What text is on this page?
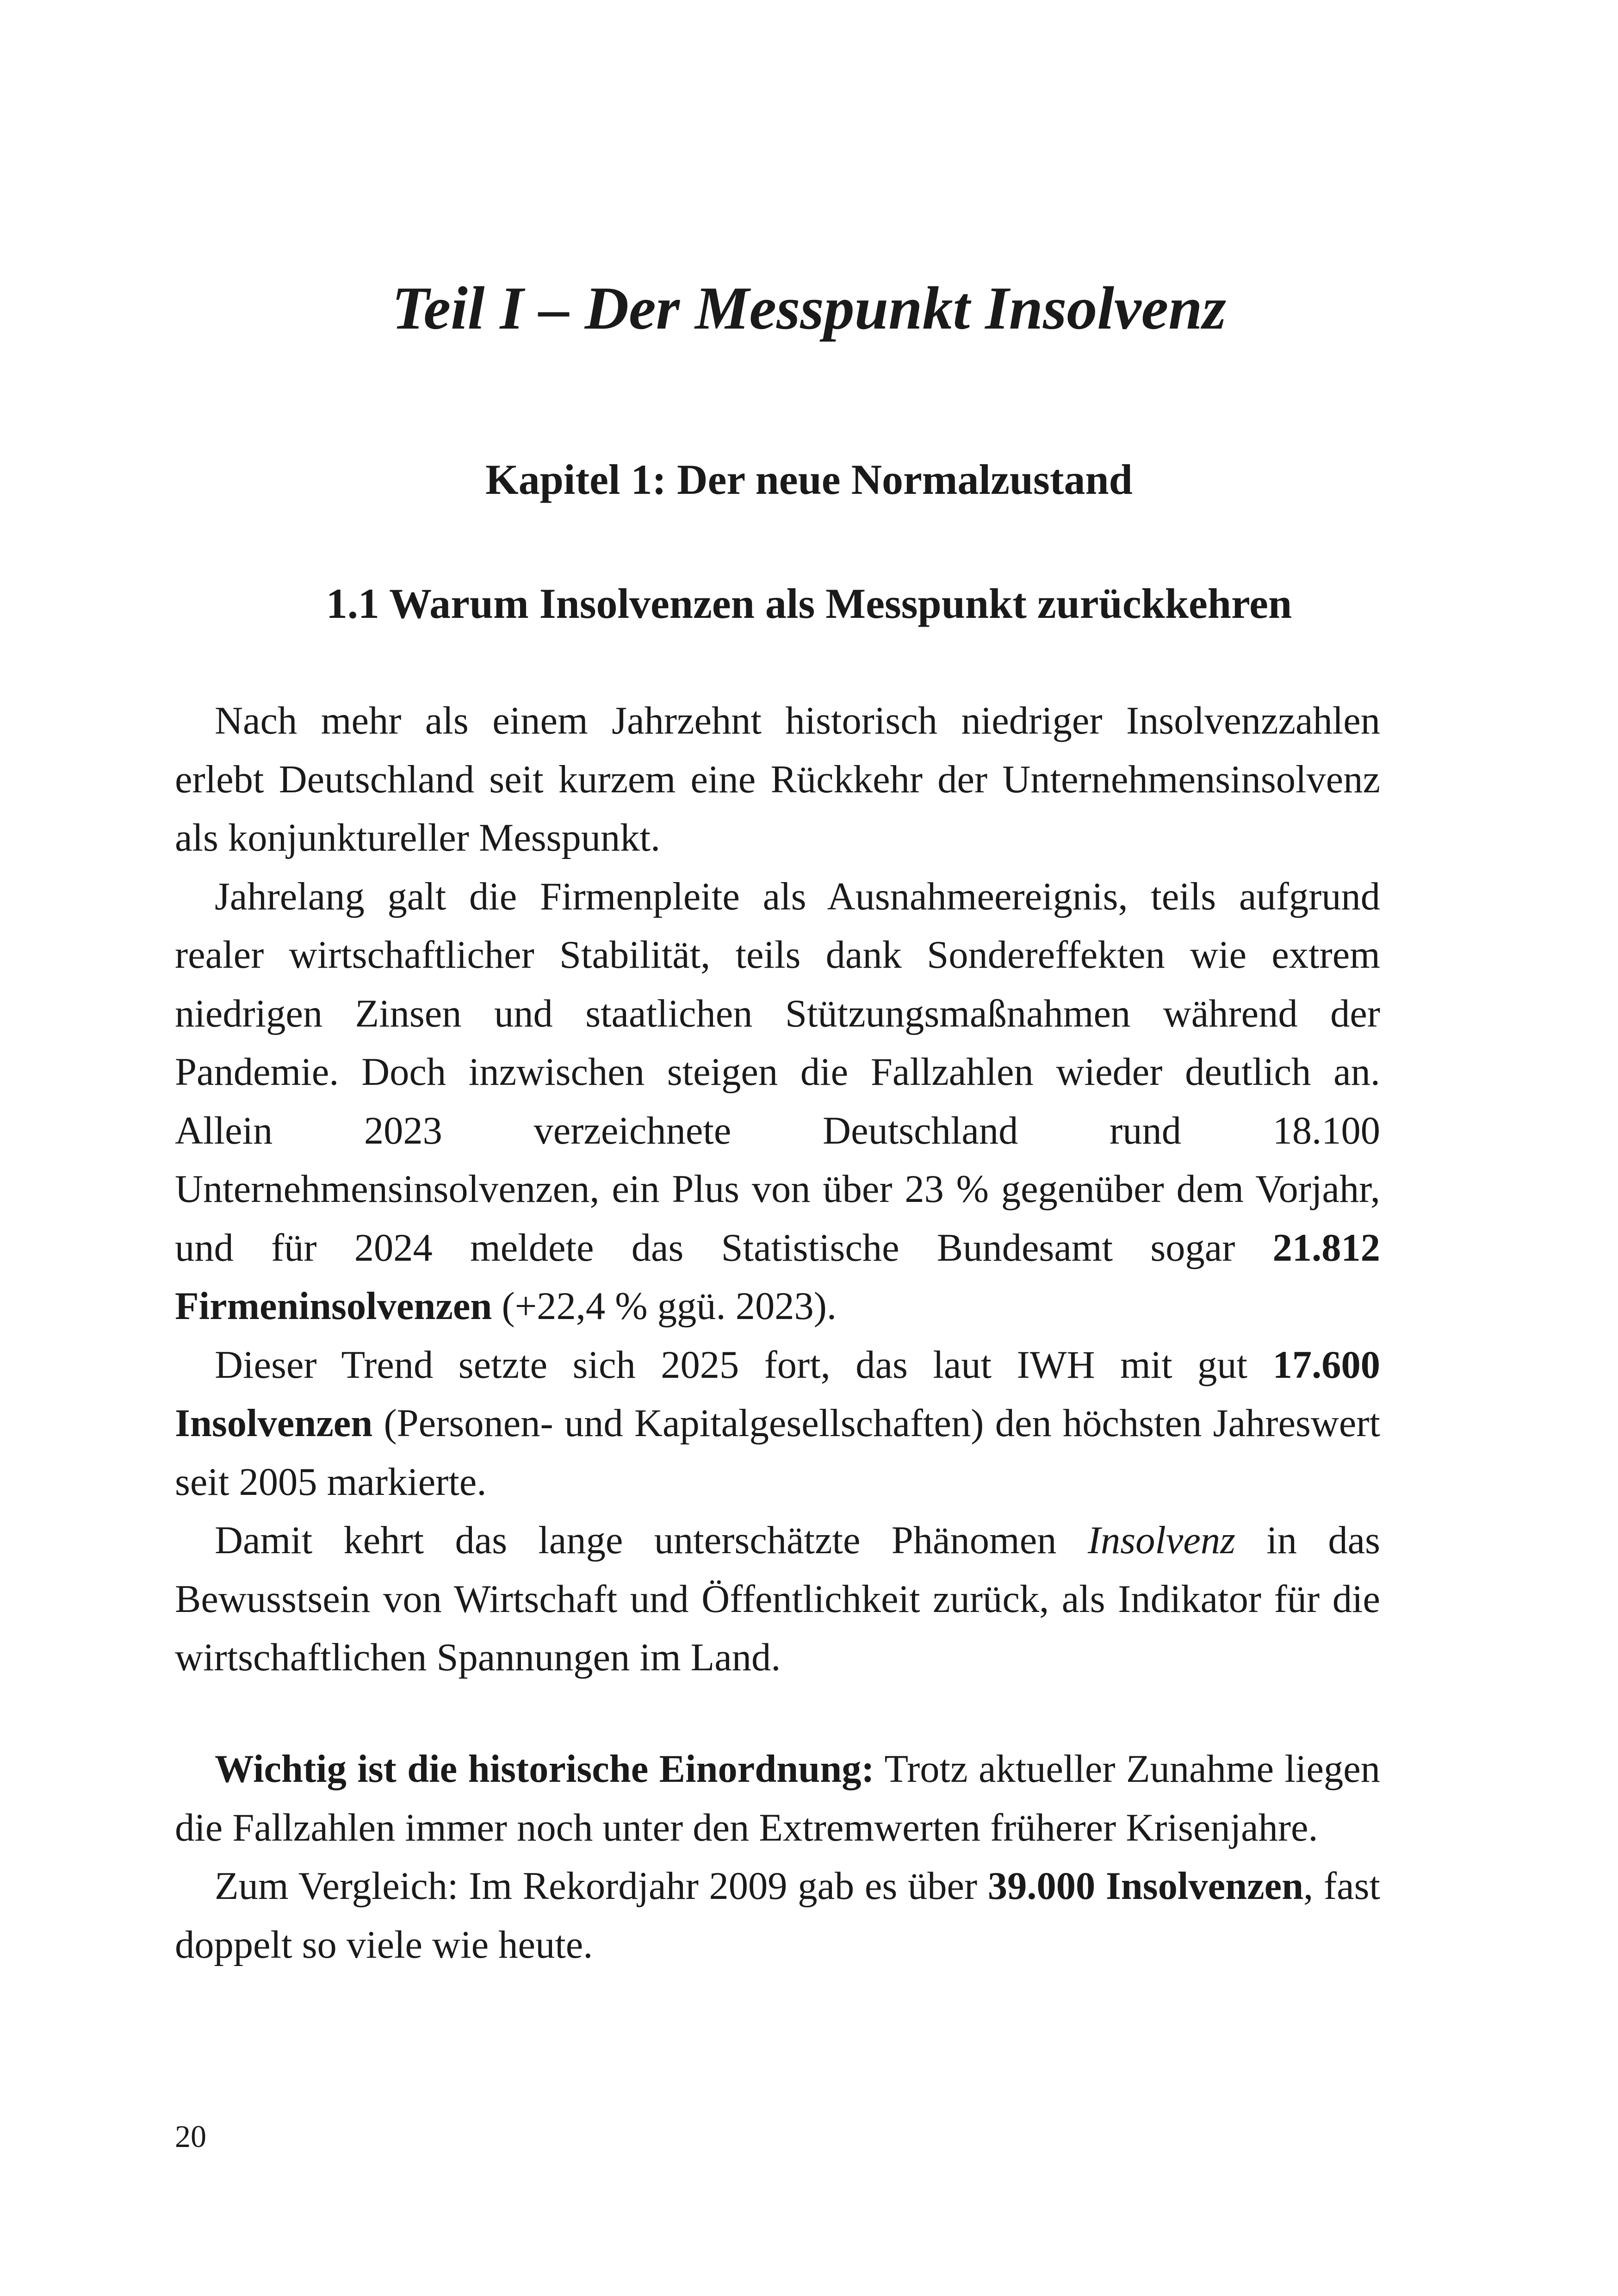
Teil I – Der Messpunkt Insolvenz
Kapitel 1: Der neue Normalzustand
1.1 Warum Insolvenzen als Messpunkt zurückkehren

Nach mehr als einem Jahrzehnt historisch niedriger Insolvenzzahlen erlebt Deutschland seit kurzem eine Rückkehr der Unternehmensinsolvenz als konjunktureller Messpunkt.

Jahrelang galt die Firmenpleite als Ausnahmeereignis, teils aufgrund realer wirtschaftlicher Stabilität, teils dank Sondereffekten wie extrem niedrigen Zinsen und staatlichen Stützungsmaßnahmen während der Pandemie. Doch inzwischen steigen die Fallzahlen wieder deutlich an. Allein 2023 verzeichnete Deutschland rund 18.100 Unternehmensinsolvenzen, ein Plus von über 23 % gegenüber dem Vorjahr, und für 2024 meldete das Statistische Bundesamt sogar 21.812 Firmeninsolvenzen (+22,4 % ggü. 2023).

Dieser Trend setzte sich 2025 fort, das laut IWH mit gut 17.600 Insolvenzen (Personen- und Kapitalgesellschaften) den höchsten Jahreswert seit 2005 markierte.

Damit kehrt das lange unterschätzte Phänomen Insolvenz in das Bewusstsein von Wirtschaft und Öffentlichkeit zurück, als Indikator für die wirtschaftlichen Spannungen im Land.

Wichtig ist die historische Einordnung: Trotz aktueller Zunahme liegen die Fallzahlen immer noch unter den Extremwerten früherer Krisenjahre.

Zum Vergleich: Im Rekordjahr 2009 gab es über 39.000 Insolvenzen, fast doppelt so viele wie heute.

20
